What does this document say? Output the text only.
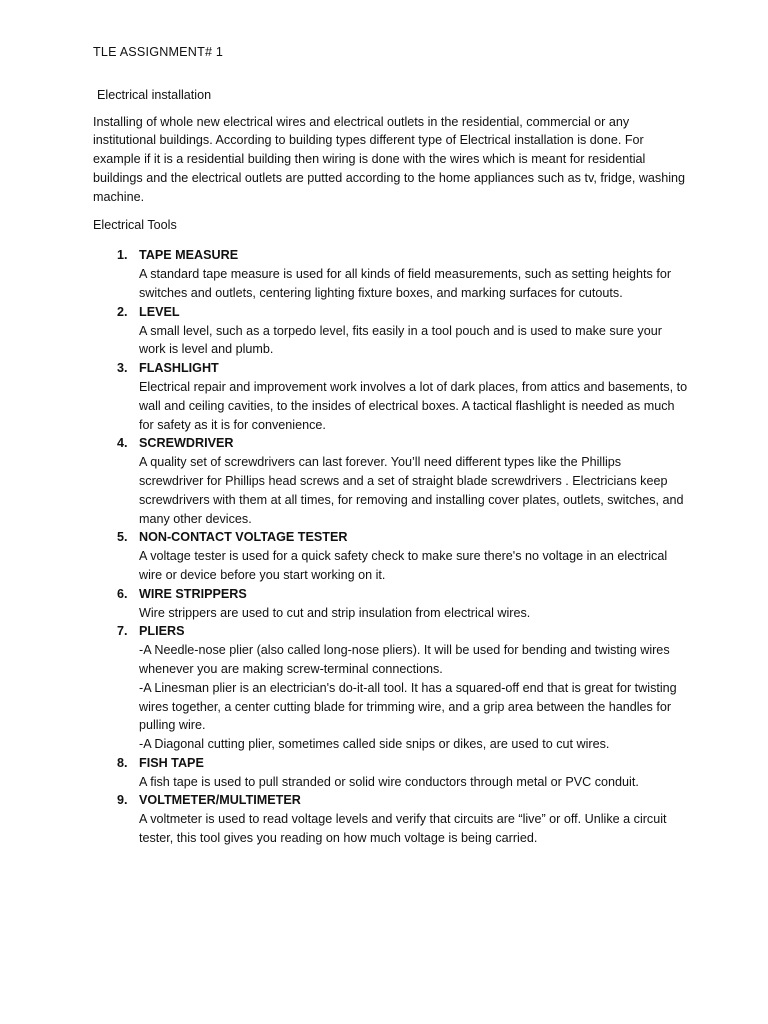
TLE ASSIGNMENT# 1

Electrical installation

Installing of whole new electrical wires and electrical outlets in the residential, commercial or any institutional buildings. According to building types different type of Electrical installation is done. For example if it is a residential building then wiring is done with the wires which is meant for residential buildings and the electrical outlets are putted according to the home appliances such as tv, fridge, washing machine.

Electrical Tools

1. TAPE MEASURE
A standard tape measure is used for all kinds of field measurements, such as setting heights for switches and outlets, centering lighting fixture boxes, and marking surfaces for cutouts.
2. LEVEL
A small level, such as a torpedo level, fits easily in a tool pouch and is used to make sure your work is level and plumb.
3. FLASHLIGHT
Electrical repair and improvement work involves a lot of dark places, from attics and basements, to wall and ceiling cavities, to the insides of electrical boxes. A tactical flashlight is needed as much for safety as it is for convenience.
4. SCREWDRIVER
A quality set of screwdrivers can last forever. You’ll need different types like the Phillips screwdriver for Phillips head screws and a set of straight blade screwdrivers . Electricians keep screwdrivers with them at all times, for removing and installing cover plates, outlets, switches, and many other devices.
5. NON-CONTACT VOLTAGE TESTER
A voltage tester is used for a quick safety check to make sure there's no voltage in an electrical wire or device before you start working on it.
6. WIRE STRIPPERS
Wire strippers are used to cut and strip insulation from electrical wires.
7. PLIERS
-A Needle-nose plier (also called long-nose pliers). It will be used for bending and twisting wires whenever you are making screw-terminal connections.
-A Linesman plier is an electrician's do-it-all tool. It has a squared-off end that is great for twisting wires together, a center cutting blade for trimming wire, and a grip area between the handles for pulling wire.
-A Diagonal cutting plier, sometimes called side snips or dikes, are used to cut wires.
8. FISH TAPE
A fish tape is used to pull stranded or solid wire conductors through metal or PVC conduit.
9. VOLTMETER/MULTIMETER
A voltmeter is used to read voltage levels and verify that circuits are “live” or off. Unlike a circuit tester, this tool gives you reading on how much voltage is being carried.
